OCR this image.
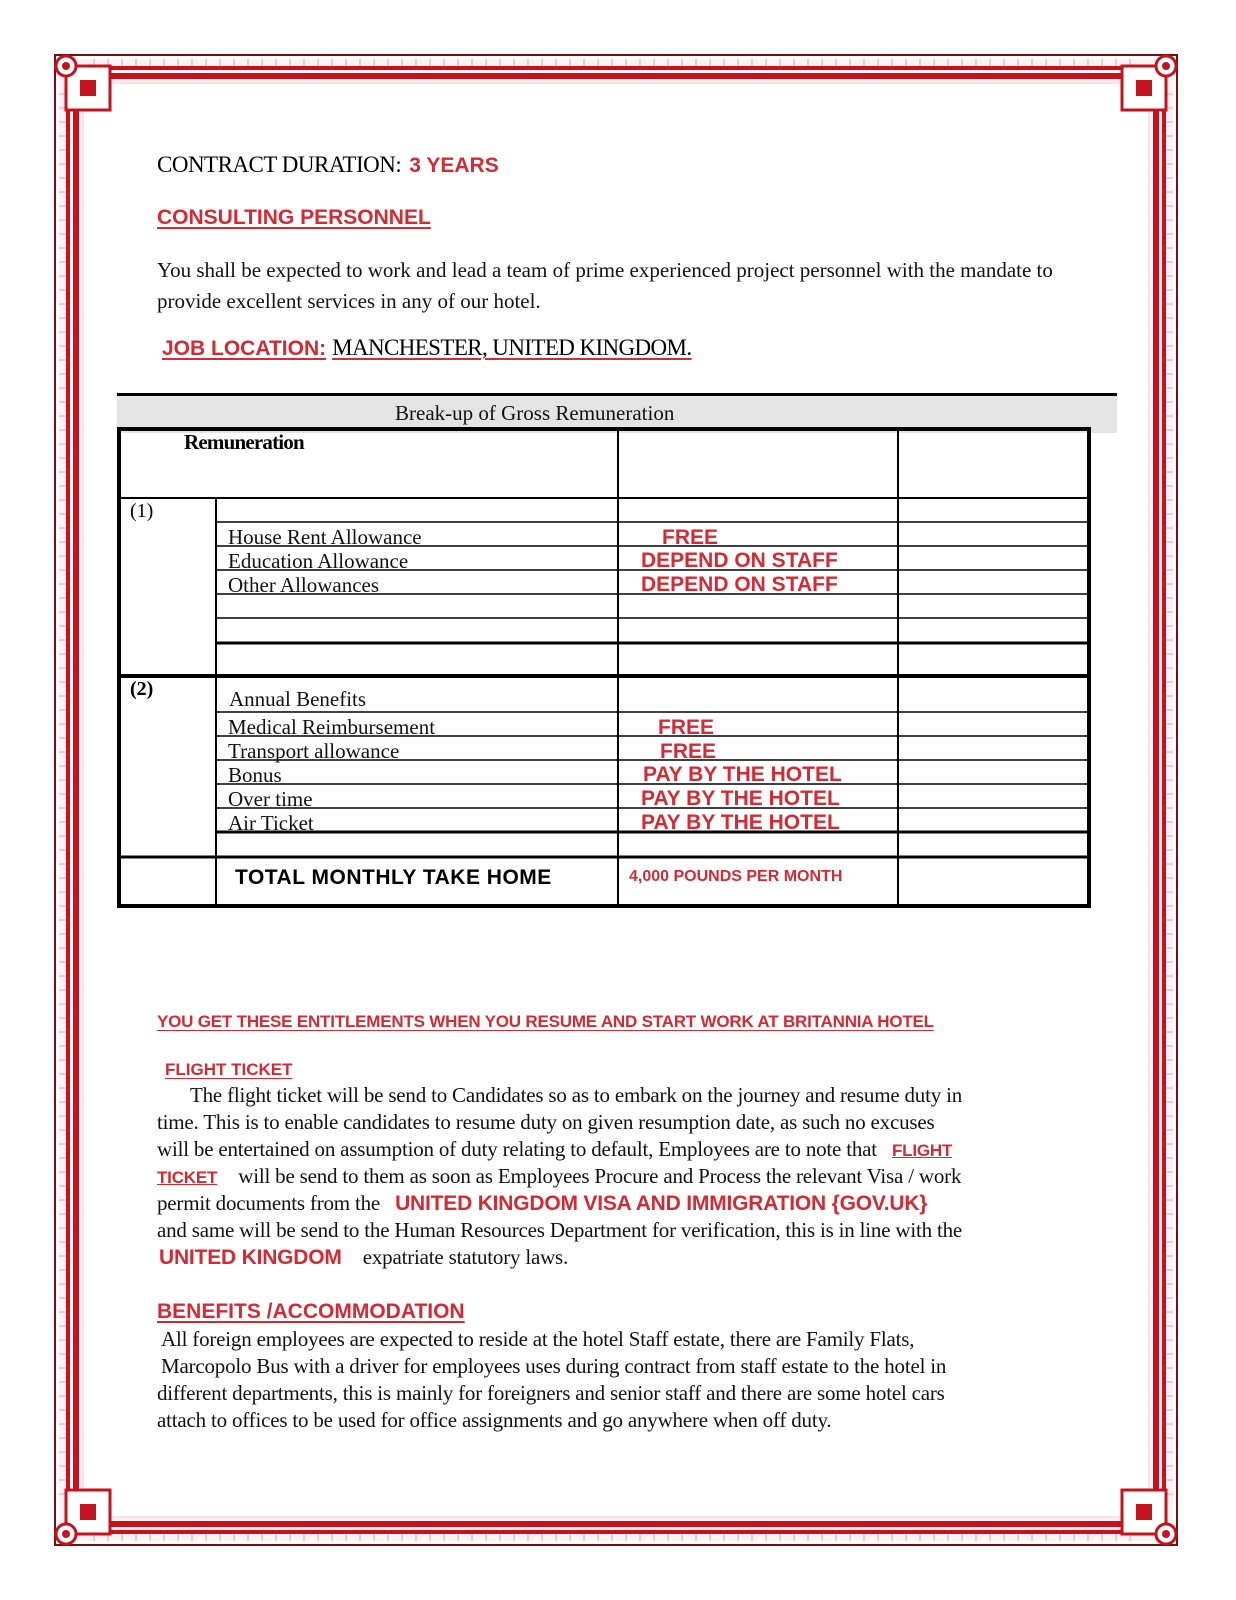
CONTRACT DURATION: 3 YEARS
CONSULTING PERSONNEL
You shall be expected to work and lead a team of prime experienced project personnel with the mandate to provide excellent services in any of our hotel.
JOB LOCATION: MANCHESTER, UNITED KINGDOM.
Break-up of Gross Remuneration
Remuneration
(1)
House Rent Allowance	FREE
Education Allowance	DEPEND ON STAFF
Other Allowances	DEPEND ON STAFF
(2)	Annual Benefits
Medical Reimbursement	FREE
Transport allowance	FREE
Bonus	PAY BY THE HOTEL
Over time	PAY BY THE HOTEL
Air Ticket	PAY BY THE HOTEL
TOTAL MONTHLY TAKE HOME	4,000 POUNDS PER MONTH
YOU GET THESE ENTITLEMENTS WHEN YOU RESUME AND START WORK AT BRITANNIA HOTEL
FLIGHT TICKET
The flight ticket will be send to Candidates so as to embark on the journey and resume duty in
time. This is to enable candidates to resume duty on given resumption date, as such no excuses
will be entertained on assumption of duty relating to default, Employees are to note that FLIGHT
TICKET will be send to them as soon as Employees Procure and Process the relevant Visa / work
permit documents from the UNITED KINGDOM VISA AND IMMIGRATION {GOV.UK}
and same will be send to the Human Resources Department for verification, this is in line with the
UNITED KINGDOM expatriate statutory laws.
BENEFITS /ACCOMMODATION
All foreign employees are expected to reside at the hotel Staff estate, there are Family Flats,
Marcopolo Bus with a driver for employees uses during contract from staff estate to the hotel in
different departments, this is mainly for foreigners and senior staff and there are some hotel cars
attach to offices to be used for office assignments and go anywhere when off duty.
